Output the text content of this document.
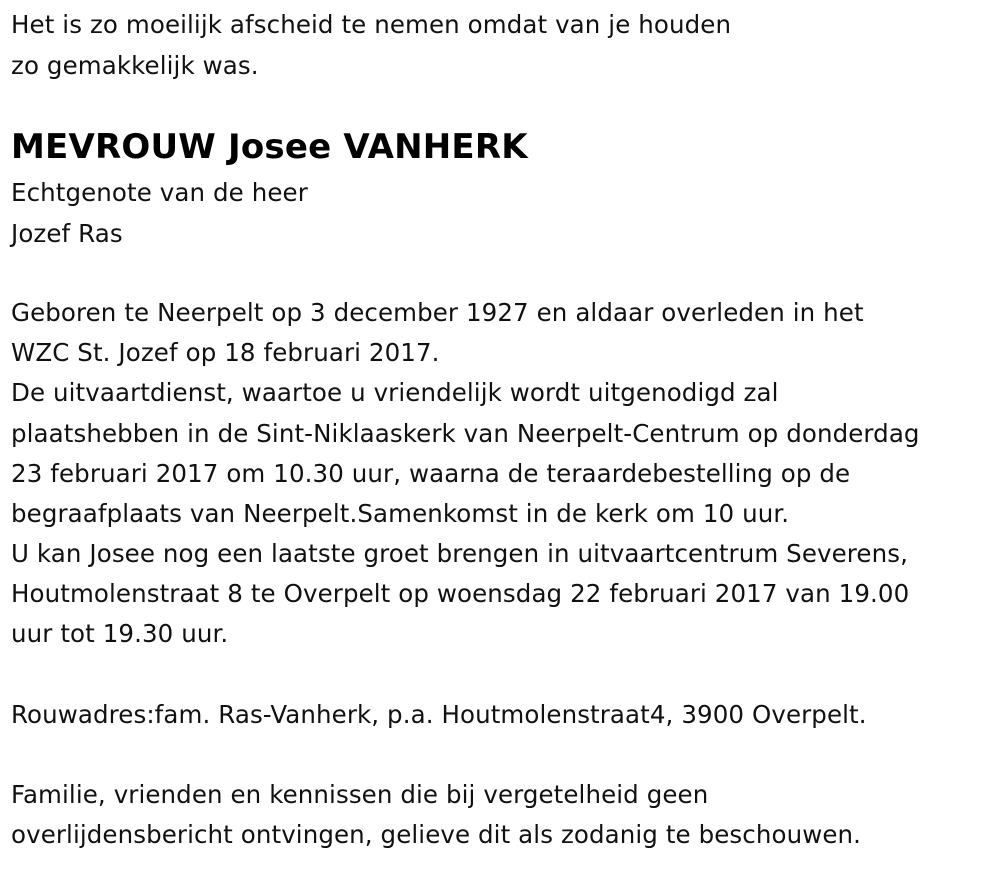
Het is zo moeilijk afscheid te nemen omdat van je houden
zo gemakkelijk was.
MEVROUW Josee VANHERK
Echtgenote van de heer
Jozef Ras
Geboren te Neerpelt op 3 december 1927 en aldaar overleden in het
WZC St. Jozef op 18 februari 2017.
De uitvaartdienst, waartoe u vriendelijk wordt uitgenodigd zal
plaatshebben in de Sint-Niklaaskerk van Neerpelt-Centrum op donderdag
23 februari 2017 om 10.30 uur, waarna de teraardebestelling op de
begraafplaats van Neerpelt.Samenkomst in de kerk om 10 uur.
U kan Josee nog een laatste groet brengen in uitvaartcentrum Severens,
Houtmolenstraat 8 te Overpelt op woensdag 22 februari 2017 van 19.00
uur tot 19.30 uur.
Rouwadres:fam. Ras-Vanherk, p.a. Houtmolenstraat4, 3900 Overpelt.
Familie, vrienden en kennissen die bij vergetelheid geen
overlijdensbericht ontvingen, gelieve dit als zodanig te beschouwen.
